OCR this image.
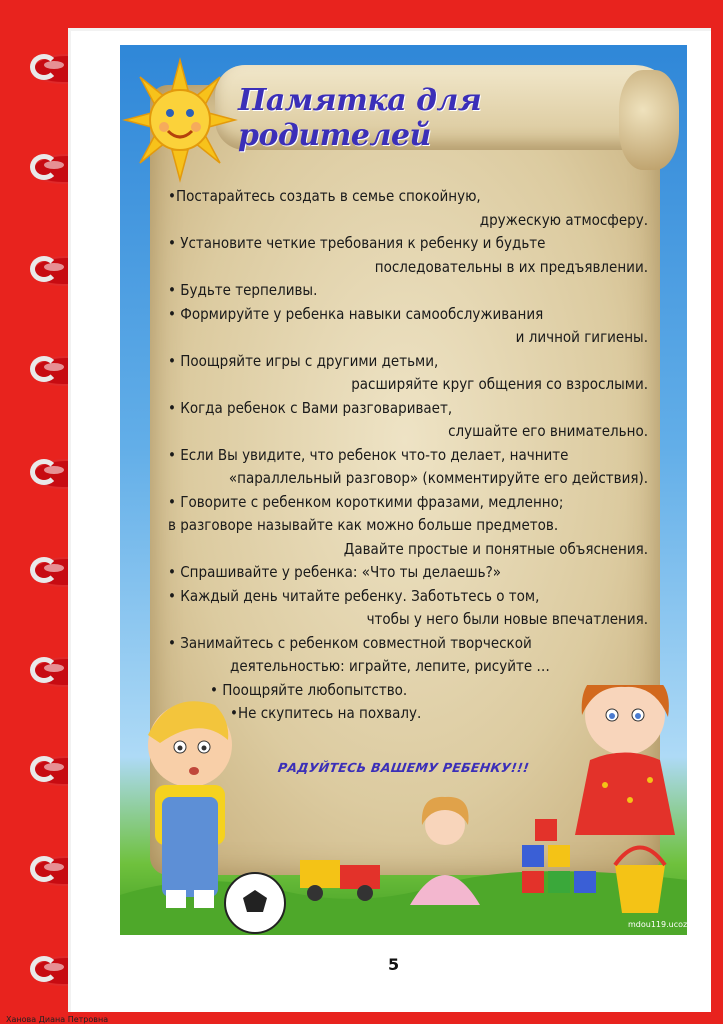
Памятка для родителей
•Постарайтесь создать в семье спокойную,
дружескую атмосферу.
• Установите четкие требования к ребенку и будьте
последовательны в их предъявлении.
• Будьте терпеливы.
• Формируйте у ребенка навыки самообслуживания
и личной гигиены.
• Поощряйте игры с другими детьми,
расширяйте круг общения со взрослыми.
• Когда ребенок с Вами разговаривает,
слушайте его внимательно.
• Если Вы увидите, что ребенок что-то делает, начните
«параллельный разговор» (комментируйте его действия).
• Говорите с ребенком короткими фразами, медленно;
в разговоре называйте как можно больше предметов.
Давайте простые и понятные объяснения.
• Спрашивайте у ребенка: «Что ты делаешь?»
• Каждый день читайте ребенку. Заботьтесь о том,
чтобы у него были новые впечатления.
• Занимайтесь с ребенком совместной творческой
деятельностью: играйте, лепите, рисуйте …
• Поощряйте любопытство.
•Не скупитесь на похвалу.
РАДУЙТЕСЬ ВАШЕМУ РЕБЕНКУ!!!
mdou119.ucoz.ru
5
Ханова Диана Петровна
